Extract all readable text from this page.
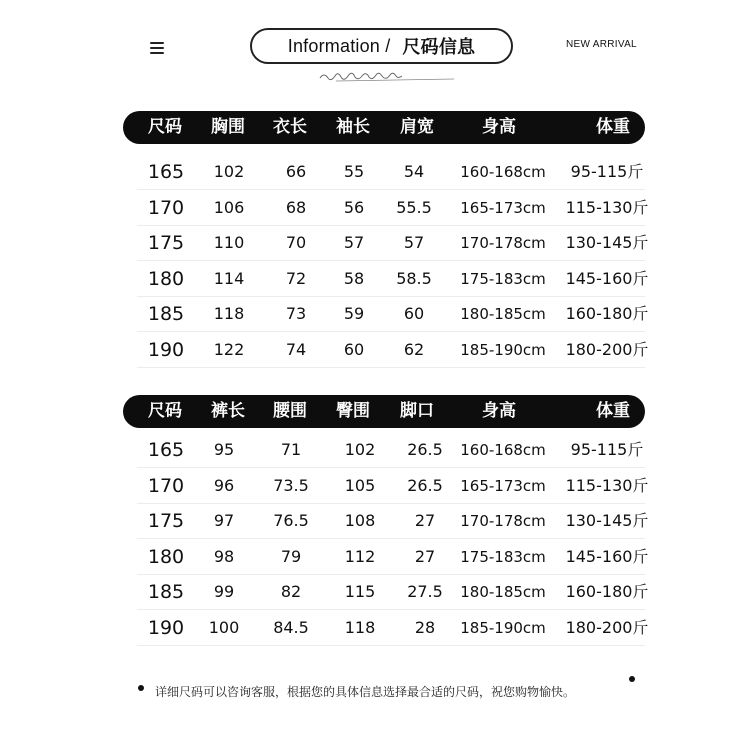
Information / 尺码信息	NEW ARRIVAL
尺码 胸围 衣长 袖长 肩宽	身高	体重
165 102	66 55 54 160-168cm 95-115斤
170 106	68 56 55.5 165-173cm 115-130斤
175 110	70 57 57 170-178cm 130-145斤
180 114	72 58 58.5 175-183cm 145-160斤
185 118	73 59 60 180-185cm 160-180斤
190 122	74 60 62 185-190cm 180-200斤
尺码 裤长 腰围 臀围 脚口	身高	体重
165 95	71	102 26.5 160-168cm 95-115斤
170 96 73.5 105 26.5 165-173cm 115-130斤
175 97 76.5 108 27 170-178cm 130-145斤
180 98	79	112 27 175-183cm 145-160斤
185 99	82	115 27.5 180-185cm 160-180斤
190 100 84.5 118 28 185-190cm 180-200斤
详细尺码可以咨询客服，根据您的具体信息选择最合适的尺码，祝您购物愉快。
